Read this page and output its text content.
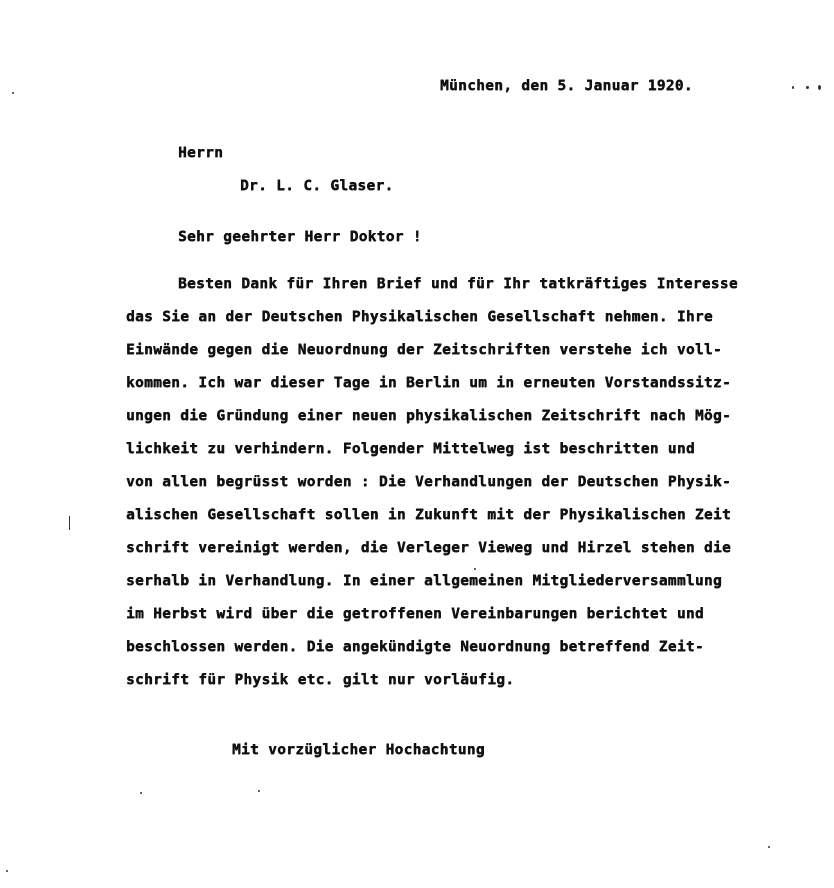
München, den 5. Januar 1920.
Herrn
Dr. L. C. Glaser.
Sehr geehrter Herr Doktor !
Besten Dank für Ihren Brief und für Ihr tatkräftiges Interesse
das Sie an der Deutschen Physikalischen Gesellschaft nehmen. Ihre
Einwände gegen die Neuordnung der Zeitschriften verstehe ich voll-
kommen. Ich war dieser Tage in Berlin um in erneuten Vorstandssitz-
ungen die Gründung einer neuen physikalischen Zeitschrift nach Mög-
lichkeit zu verhindern. Folgender Mittelweg ist beschritten und
von allen begrüsst worden : Die Verhandlungen der Deutschen Physik-
alischen Gesellschaft sollen in Zukunft mit der Physikalischen Zeit
schrift vereinigt werden, die Verleger Vieweg und Hirzel stehen die
serhalb in Verhandlung. In einer allgemeinen Mitgliederversammlung
im Herbst wird über die getroffenen Vereinbarungen berichtet und
beschlossen werden. Die angekündigte Neuordnung betreffend Zeit-
schrift für Physik etc. gilt nur vorläufig.
Mit vorzüglicher Hochachtung
